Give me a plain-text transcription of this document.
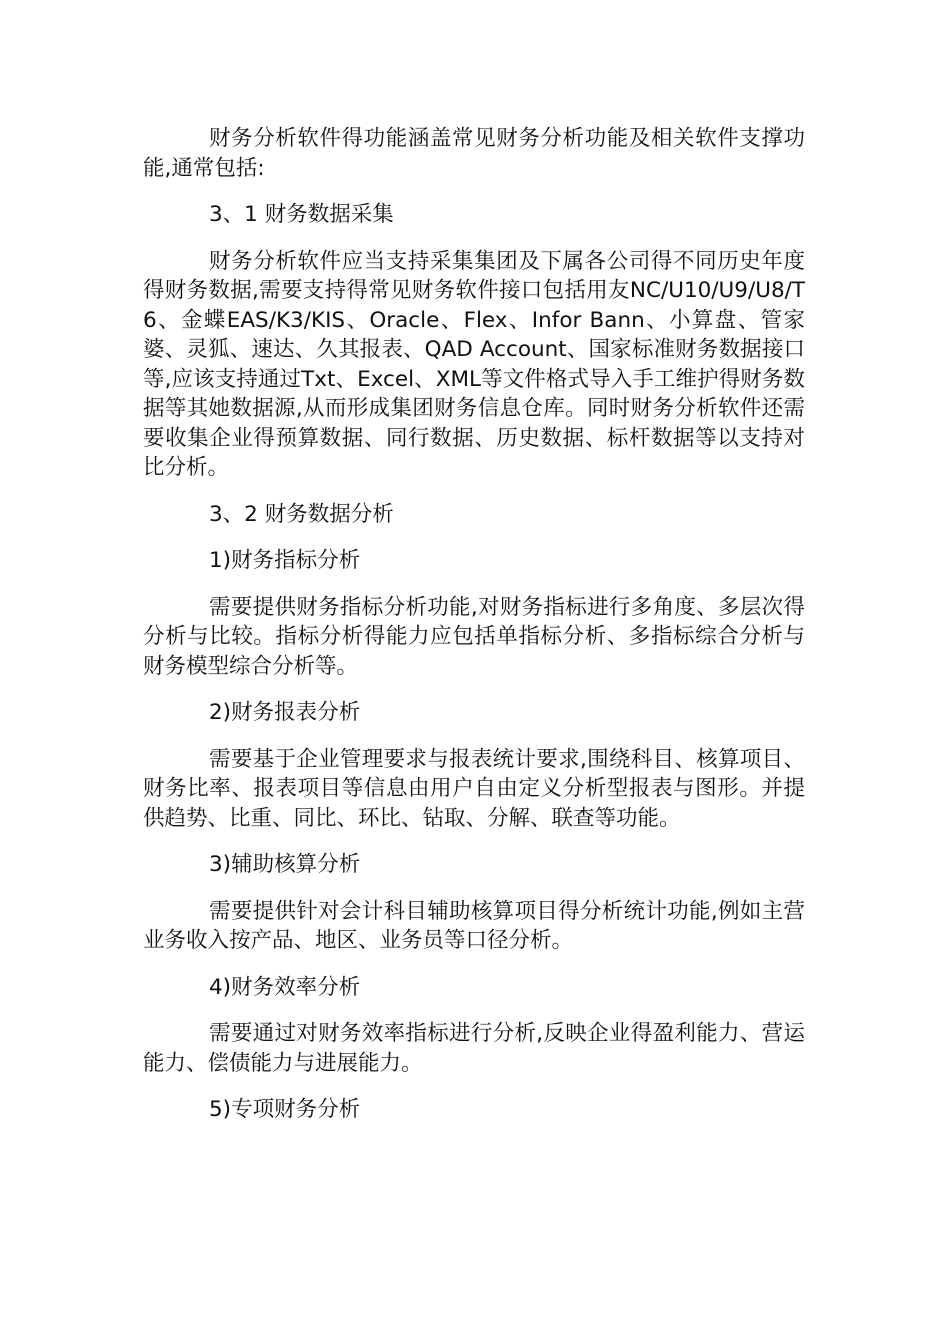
财务分析软件得功能涵盖常见财务分析功能及相关软件支撑功能,通常包括:

3、1 财务数据采集

财务分析软件应当支持采集集团及下属各公司得不同历史年度得财务数据,需要支持得常见财务软件接口包括用友NC/U10/U9/U8/T6、金蝶EAS/K3/KIS、Oracle、Flex、Infor Bann、小算盘、管家婆、灵狐、速达、久其报表、QAD Account、国家标准财务数据接口等,应该支持通过Txt、Excel、XML等文件格式导入手工维护得财务数据等其她数据源,从而形成集团财务信息仓库。同时财务分析软件还需要收集企业得预算数据、同行数据、历史数据、标杆数据等以支持对比分析。

3、2 财务数据分析

1)财务指标分析

需要提供财务指标分析功能,对财务指标进行多角度、多层次得分析与比较。指标分析得能力应包括单指标分析、多指标综合分析与财务模型综合分析等。

2)财务报表分析

需要基于企业管理要求与报表统计要求,围绕科目、核算项目、财务比率、报表项目等信息由用户自由定义分析型报表与图形。并提供趋势、比重、同比、环比、钻取、分解、联查等功能。

3)辅助核算分析

需要提供针对会计科目辅助核算项目得分析统计功能,例如主营业务收入按产品、地区、业务员等口径分析。

4)财务效率分析

需要通过对财务效率指标进行分析,反映企业得盈利能力、营运能力、偿债能力与进展能力。

5)专项财务分析
